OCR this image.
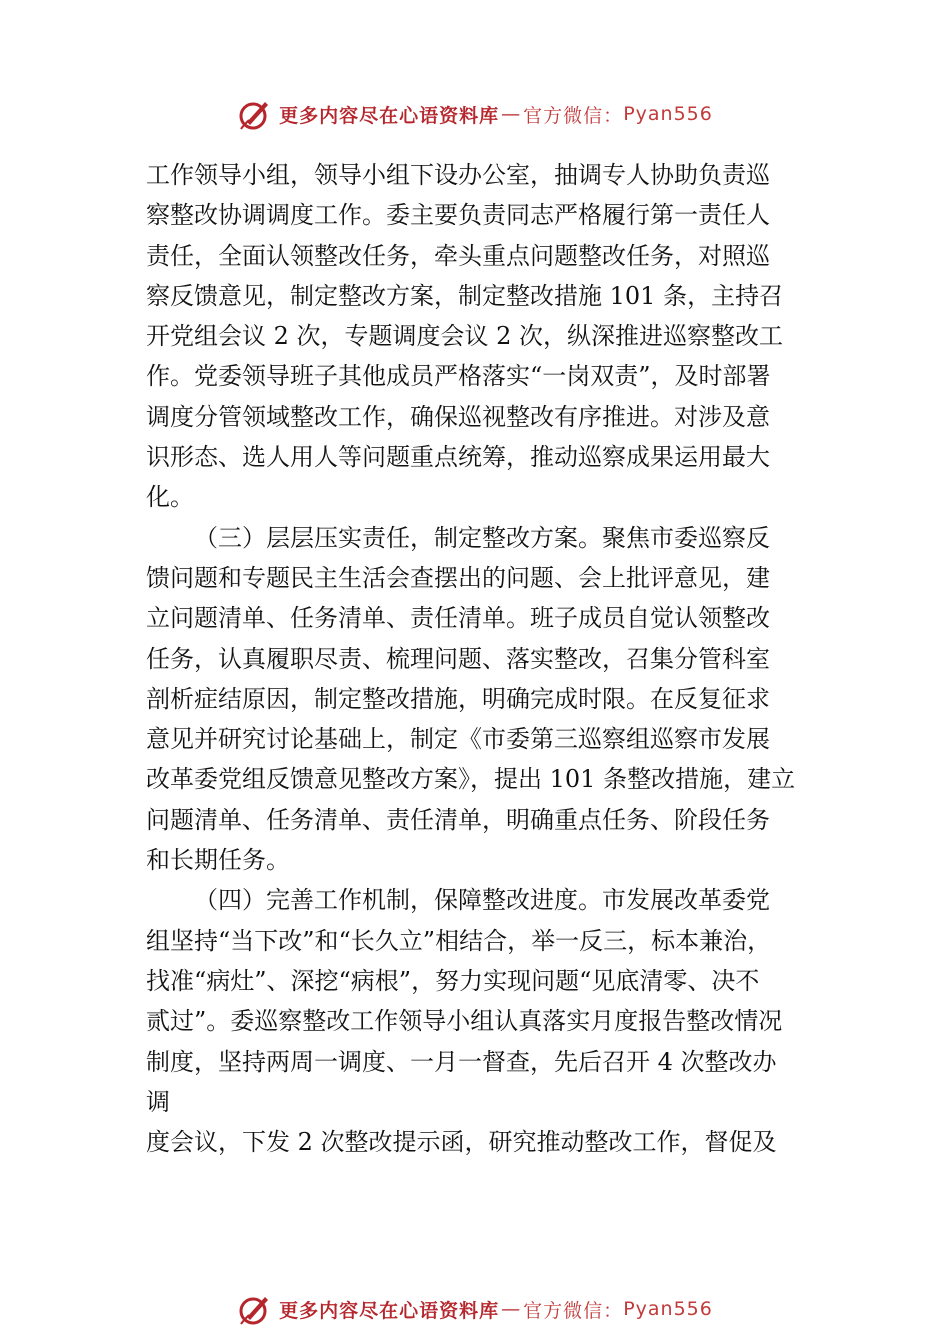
更多内容尽在心语资料库 — 官方微信： Pyan556
工作领导小组，领导小组下设办公室，抽调专人协助负责巡
察整改协调调度工作。委主要负责同志严格履行第一责任人
责任，全面认领整改任务，牵头重点问题整改任务，对照巡
察反馈意见，制定整改方案，制定整改措施 101 条，主持召
开党组会议 2 次，专题调度会议 2 次，纵深推进巡察整改工
作。党委领导班子其他成员严格落实“一岗双责”，及时部署
调度分管领域整改工作，确保巡视整改有序推进。对涉及意
识形态、选人用人等问题重点统筹，推动巡察成果运用最大
化。
（三）层层压实责任，制定整改方案。聚焦市委巡察反
馈问题和专题民主生活会查摆出的问题、会上批评意见，建
立问题清单、任务清单、责任清单。班子成员自觉认领整改
任务，认真履职尽责、梳理问题、落实整改，召集分管科室
剖析症结原因，制定整改措施，明确完成时限。在反复征求
意见并研究讨论基础上，制定《市委第三巡察组巡察市发展
改革委党组反馈意见整改方案》，提出 101 条整改措施，建立
问题清单、任务清单、责任清单，明确重点任务、阶段任务
和长期任务。
（四）完善工作机制，保障整改进度。市发展改革委党
组坚持“当下改”和“长久立”相结合，举一反三，标本兼治，
找准“病灶”、深挖“病根”，努力实现问题“见底清零、决不
贰过”。委巡察整改工作领导小组认真落实月度报告整改情况
制度，坚持两周一调度、一月一督查，先后召开 4 次整改办
调
度会议，下发 2 次整改提示函，研究推动整改工作，督促及
更多内容尽在心语资料库 — 官方微信： Pyan556
